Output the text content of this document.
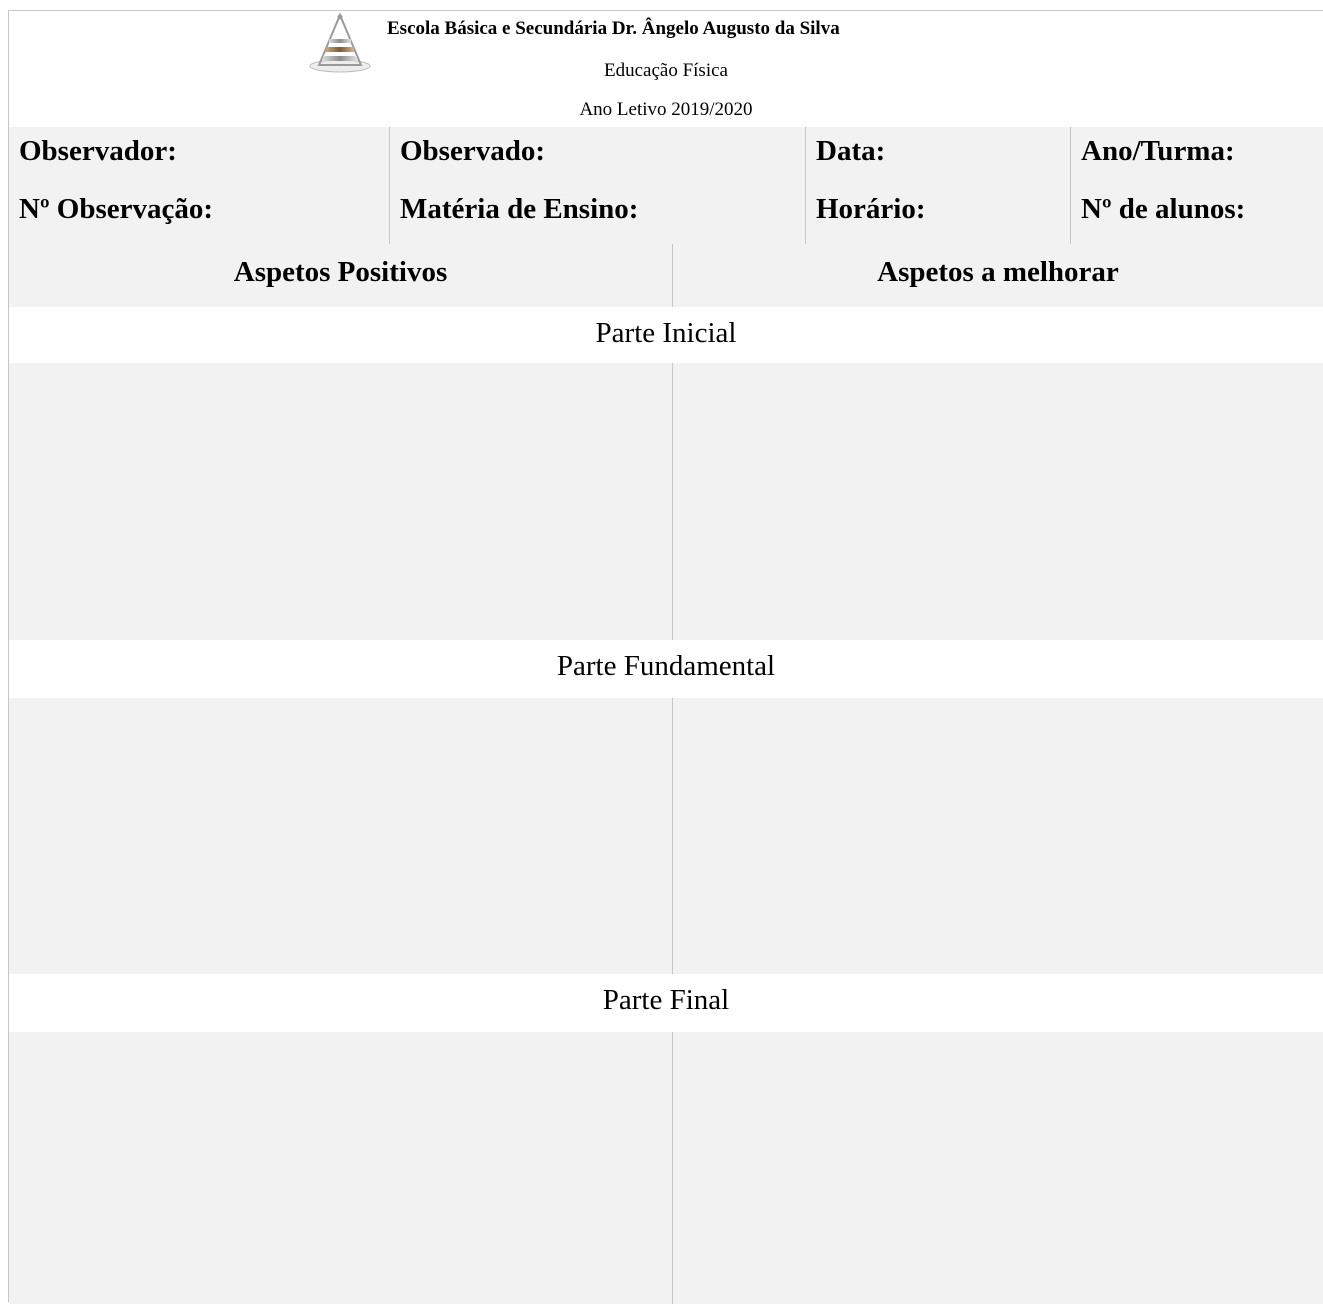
Escola Básica e Secundária Dr. Ângelo Augusto da Silva
Educação Física
Ano Letivo 2019/2020
Observador:	Observado:	Data:	Ano/Turma:
Nº Observação:	Matéria de Ensino:	Horário:	Nº de alunos:
Aspetos Positivos	Aspetos a melhorar
Parte Inicial
Parte Fundamental
Parte Final
